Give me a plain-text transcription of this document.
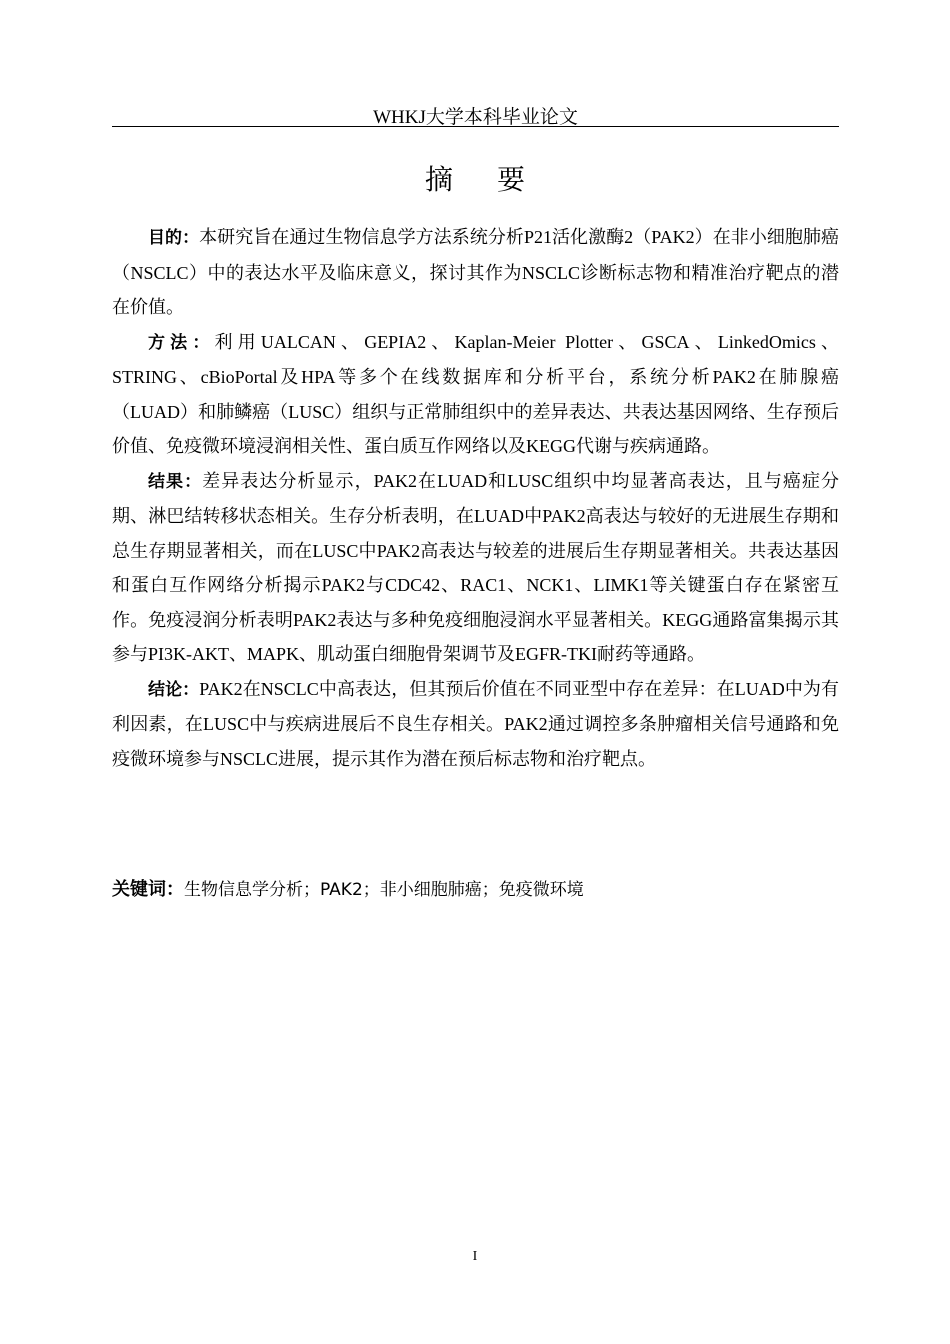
WHKJ大学本科毕业论文
摘要

目的：本研究旨在通过生物信息学方法系统分析P21活化激酶2（PAK2）在非小细胞肺癌（NSCLC）中的表达水平及临床意义，探讨其作为NSCLC诊断标志物和精准治疗靶点的潜在价值。

方法：利用UALCAN、GEPIA2、Kaplan-Meier Plotter、GSCA、LinkedOmics、STRING、cBioPortal及HPA等多个在线数据库和分析平台，系统分析PAK2在肺腺癌（LUAD）和肺鳞癌（LUSC）组织与正常肺组织中的差异表达、共表达基因网络、生存预后价值、免疫微环境浸润相关性、蛋白质互作网络以及KEGG代谢与疾病通路。

结果：差异表达分析显示，PAK2在LUAD和LUSC组织中均显著高表达，且与癌症分期、淋巴结转移状态相关。生存分析表明，在LUAD中PAK2高表达与较好的无进展生存期和总生存期显著相关，而在LUSC中PAK2高表达与较差的进展后生存期显著相关。共表达基因和蛋白互作网络分析揭示PAK2与CDC42、RAC1、NCK1、LIMK1等关键蛋白存在紧密互作。免疫浸润分析表明PAK2表达与多种免疫细胞浸润水平显著相关。KEGG通路富集揭示其参与PI3K-AKT、MAPK、肌动蛋白细胞骨架调节及EGFR-TKI耐药等通路。

结论：PAK2在NSCLC中高表达，但其预后价值在不同亚型中存在差异：在LUAD中为有利因素，在LUSC中与疾病进展后不良生存相关。PAK2通过调控多条肿瘤相关信号通路和免疫微环境参与NSCLC进展，提示其作为潜在预后标志物和治疗靶点。

关键词：生物信息学分析；PAK2；非小细胞肺癌；免疫微环境
I
